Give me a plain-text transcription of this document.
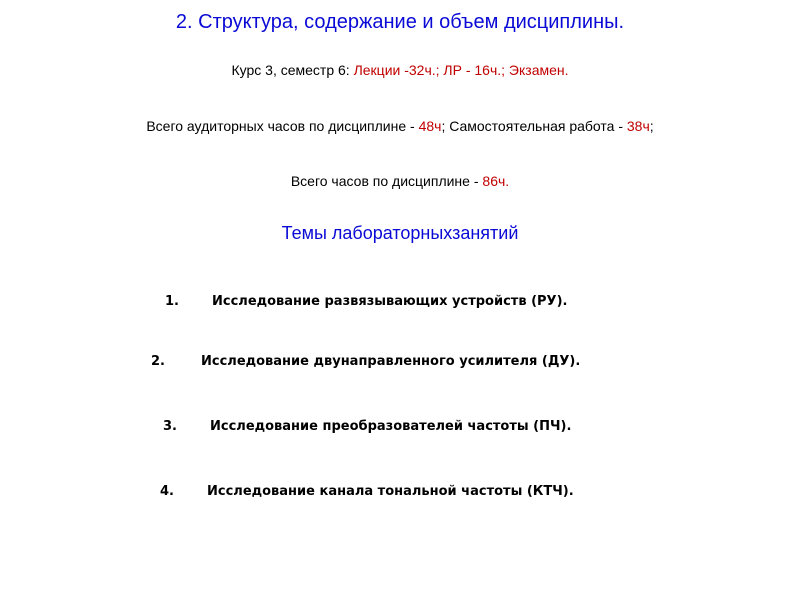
2. Структура, содержание и объем дисциплины.
Курс 3, семестр 6: Лекции -32ч.; ЛР - 16ч.; Экзамен.
Всего аудиторных часов по дисциплине - 48ч; Самостоятельная работа - 38ч;
Всего часов по дисциплине - 86ч.
Темы лабораторныхзанятий
1.	Исследование развязывающих устройств (РУ).
2.	Исследование двунаправленного усилителя (ДУ).
3.	Исследование преобразователей частоты (ПЧ).
4.	Исследование канала тональной частоты (КТЧ).
